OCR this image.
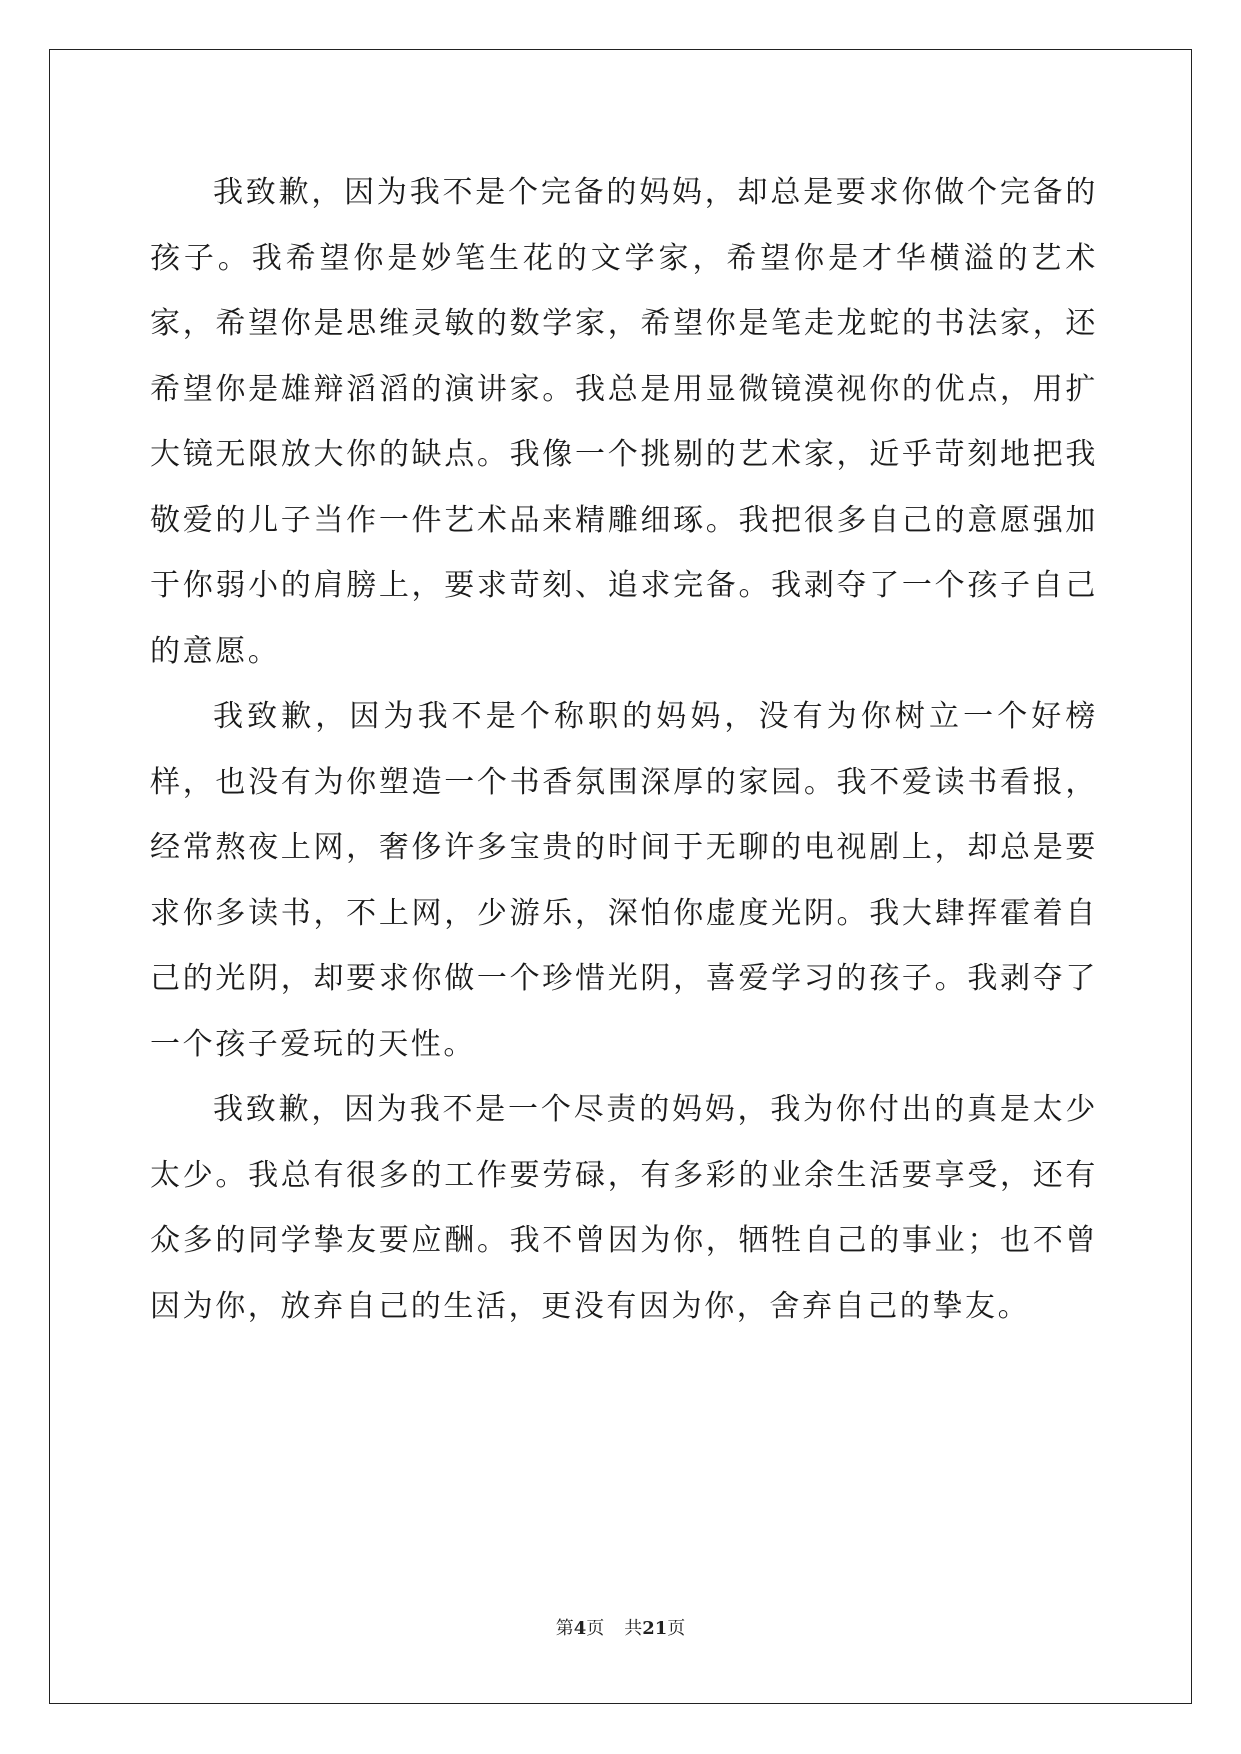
我致歉，因为我不是个完备的妈妈，却总是要求你做个完备的孩子。我希望你是妙笔生花的文学家，希望你是才华横溢的艺术家，希望你是思维灵敏的数学家，希望你是笔走龙蛇的书法家，还希望你是雄辩滔滔的演讲家。我总是用显微镜漠视你的优点，用扩大镜无限放大你的缺点。我像一个挑剔的艺术家，近乎苛刻地把我敬爱的儿子当作一件艺术品来精雕细琢。我把很多自己的意愿强加于你弱小的肩膀上，要求苛刻、追求完备。我剥夺了一个孩子自己的意愿。

我致歉，因为我不是个称职的妈妈，没有为你树立一个好榜样，也没有为你塑造一个书香氛围深厚的家园。我不爱读书看报，经常熬夜上网，奢侈许多宝贵的时间于无聊的电视剧上，却总是要求你多读书，不上网，少游乐，深怕你虚度光阴。我大肆挥霍着自己的光阴，却要求你做一个珍惜光阴，喜爱学习的孩子。我剥夺了一个孩子爱玩的天性。

我致歉，因为我不是一个尽责的妈妈，我为你付出的真是太少太少。我总有很多的工作要劳碌，有多彩的业余生活要享受，还有众多的同学挚友要应酬。我不曾因为你，牺牲自己的事业；也不曾因为你，放弃自己的生活，更没有因为你，舍弃自己的挚友。

第4页 共21页
